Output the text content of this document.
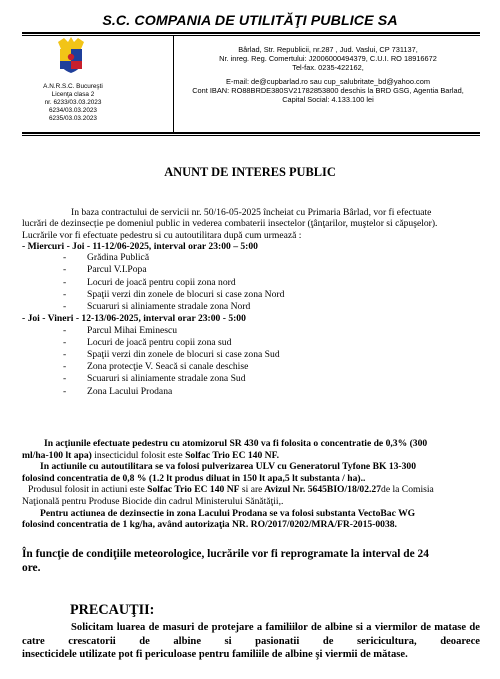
S.C. COMPANIA DE UTILITĂŢI PUBLICE SA
A.N.R.S.C. Bucureşti
Licenţa clasa 2
nr. 6233/03.03.2023
6234/03.03.2023
6235/03.03.2023
Bârlad, Str. Republicii, nr.287 , Jud. Vaslui, CP 731137,
Nr. inreg. Reg. Comertului: J2006000494379, C.U.I. RO 18916672
Tel-fax. 0235-422162,
E-mail: de@cupbarlad.ro sau cup_salubritate_bd@yahoo.com
Cont IBAN: RO88BRDE380SV21782853800 deschis la BRD GSG, Agentia Barlad,
Capital Social: 4.133.100 lei
ANUNT DE INTERES PUBLIC

In baza contractului de servicii nr. 50/16-05-2025 încheiat cu Primaria Bârlad, vor fi efectuate

lucrări de dezinsecție pe domeniul public in vederea combaterii insectelor (ţânţarilor, muştelor si căpuşelor).

Lucrările vor fi efectuate pedestru si cu autoutilitara după cum urmează :

- Miercuri - Joi - 11-12/06-2025, interval orar 23:00 – 5:00

- Grădina Publică
- Parcul V.I.Popa
- Locuri de joacă pentru copii zona nord
- Spaţii verzi din zonele de blocuri si case zona Nord
- Scuaruri si aliniamente stradale zona Nord

- Joi - Vineri - 12-13/06-2025, interval orar 23:00 - 5:00

- Parcul Mihai Eminescu
- Locuri de joacă pentru copii zona sud
- Spaţii verzi din zonele de blocuri si case zona Sud
- Zona protecţie V. Seacă si canale deschise
- Scuaruri si aliniamente stradale zona Sud
- Zona Lacului Prodana

In acţiunile efectuate pedestru cu atomizorul SR 430 va fi folosita o concentratie de 0,3% (300

ml/ha-100 lt apa) insecticidul folosit este Solfac Trio EC 140 NF.

In actiunile cu autoutilitara se va folosi pulverizarea ULV cu Generatorul Tyfone BK 13-300

folosind concentratia de 0,8 % (1.2 lt produs diluat in 150 lt apa,5 lt substanta / ha)..

Produsul folosit in actiuni este Solfac Trio EC 140 NF si are Avizul Nr. 5645BIO/18/02.27de la Comisia

Naţională pentru Produse Biocide din cadrul Ministerului Sănătăţii,.

Pentru actiunea de dezinsectie in zona Lacului Prodana se va folosi substanta VectoBac WG

folosind concentratia de 1 kg/ha, având autorizaţia NR. RO/2017/0202/MRA/FR-2015-0038.

În funcţie de condiţiile meteorologice, lucrările vor fi reprogramate la interval de 24
ore.
PRECAUŢII:
Solicitam luarea de masuri de protejare a familiilor de albine si a viermilor de matase de catre crescatorii de albine si pasionatii de sericicultura, deoarece
insecticidele utilizate pot fi periculoase pentru familiile de albine şi viermii de mătase.
